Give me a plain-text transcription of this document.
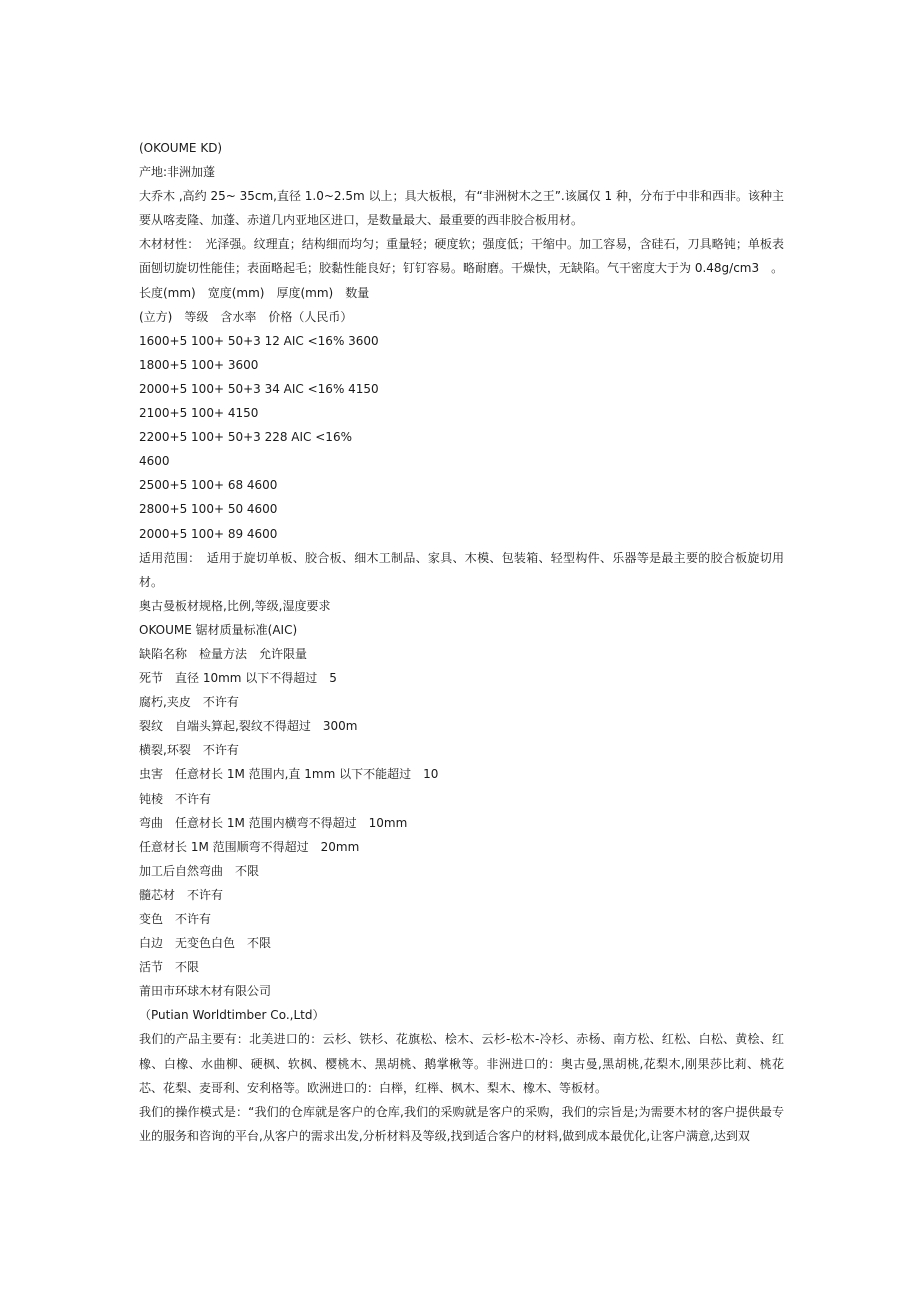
(OKOUME KD)
产地:非洲加蓬

大乔木 ,高约 25~ 35cm,直径 1.0~2.5m 以上；具大板根，有“非洲树木之王”.该属仅 1 种，分布于中非和西非。该种主要从喀麦隆、加蓬、赤道几内亚地区进口，是数量最大、最重要的西非胶合板用材。

木材材性：　光泽强。纹理直；结构细而均匀；重量轻；硬度软；强度低；干缩中。加工容易，含硅石，刀具略钝；单板表面刨切旋切性能佳；表面略起毛；胶黏性能良好；钉钉容易。略耐磨。干燥快，无缺陷。气干密度大于为 0.48g/cm3　。

长度(mm)　宽度(mm)　厚度(mm)　数量
(立方)　等级　含水率　价格（人民币）
1600+5 100+ 50+3 12 AIC <16% 3600
1800+5 100+ 3600
2000+5 100+ 50+3 34 AIC <16% 4150
2100+5 100+ 4150
2200+5 100+ 50+3 228 AIC <16%
4600
2500+5 100+ 68 4600
2800+5 100+ 50 4600
2000+5 100+ 89 4600

适用范围：　适用于旋切单板、胶合板、细木工制品、家具、木模、包装箱、轻型构件、乐器等是最主要的胶合板旋切用材。

奥古曼板材规格,比例,等级,湿度要求
OKOUME 锯材质量标准(AIC)
缺陷名称　检量方法　允许限量
死节　直径 10mm 以下不得超过　5
腐朽,夹皮　不许有
裂纹　自端头算起,裂纹不得超过　300m
横裂,环裂　不许有
虫害　任意材长 1M 范围内,直 1mm 以下不能超过　10
钝棱　不许有
弯曲　任意材长 1M 范围内横弯不得超过　10mm
任意材长 1M 范围顺弯不得超过　20mm
加工后自然弯曲　不限
髓芯材　不许有
变色　不许有
白边　无变色白色　不限
活节　不限
莆田市环球木材有限公司
（Putian Worldtimber Co.,Ltd）

我们的产品主要有：北美进口的：云杉、铁杉、花旗松、桧木、云杉-松木-冷杉、赤杨、南方松、红松、白松、黄桧、红橡、白橡、水曲柳、硬枫、软枫、樱桃木、黑胡桃、鹅掌楸等。非洲进口的：奥古曼,黑胡桃,花梨木,刚果莎比莉、桃花芯、花梨、麦哥利、安利格等。欧洲进口的：白榉，红榉、枫木、梨木、橡木、等板材。

我们的操作模式是：“我们的仓库就是客户的仓库,我们的采购就是客户的采购，我们的宗旨是;为需要木材的客户提供最专业的服务和咨询的平台,从客户的需求出发,分析材料及等级,找到适合客户的材料,做到成本最优化,让客户满意,达到双
